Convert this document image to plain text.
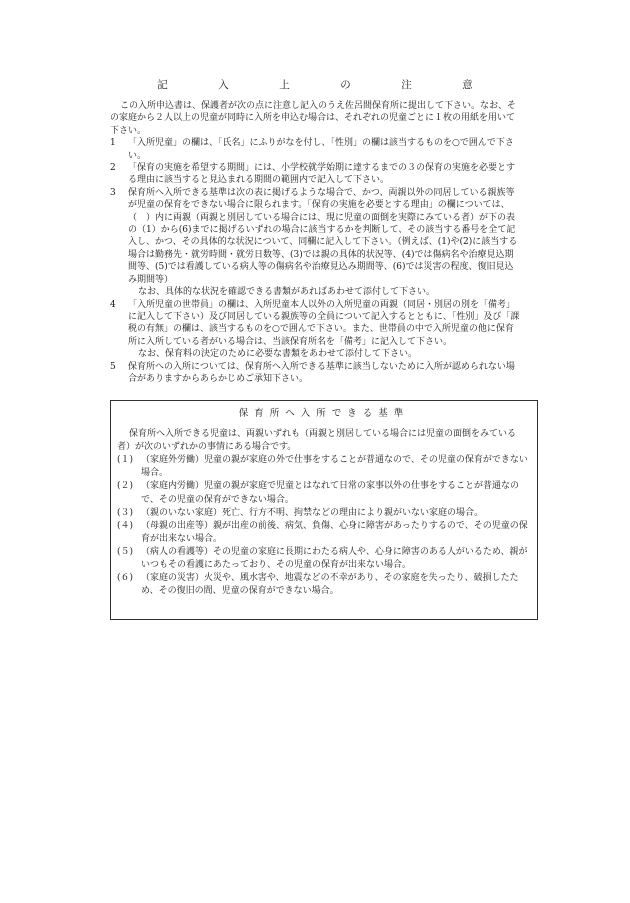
記　入　上　の　注　意

この入所申込書は、保護者が次の点に注意し記入のうえ佐呂間保育所に提出して下さい。なお、その家庭から２人以上の児童が同時に入所を申込む場合は、それぞれの児童ごとに１枚の用紙を用いて下さい。

1	「入所児童」の欄は、「氏名」にふりがなを付し、「性別」の欄は該当するものを○で囲んで下さい。
2	「保育の実施を希望する期間」には、小学校就学始期に達するまでの３の保育の実施を必要とする理由に該当すると見込まれる期間の範囲内で記入して下さい。
3	保育所へ入所できる基準は次の表に掲げるような場合で、かつ、両親以外の同居している親族等が児童の保育をできない場合に限られます。「保育の実施を必要とする理由」の欄については、（　）内に両親（両親と別居している場合には、現に児童の面倒を実際にみている者）が下の表の（1）から(6)までに掲げるいずれの場合に該当するかを判断して、その該当する番号を全て記入し、かつ、その具体的な状況について、同欄に記入して下さい。（例えば、(1)や(2)に該当する場合は勤務先・就労時間・就労日数等、(3)では親の具体的状況等、(4)では傷病名や治療見込期間等、(5)では看護している病人等の傷病名や治療見込み期間等、(6)では災害の程度、復旧見込み期間等）

なお、具体的な状況を確認できる書類があればあわせて添付して下さい。

4	「入所児童の世帯員」の欄は、入所児童本人以外の入所児童の両親（同居・別居の別を「備考」に記入して下さい）及び同居している親族等の全員について記入するとともに、「性別」及び「課税の有無」の欄は、該当するものを○で囲んで下さい。また、世帯員の中で入所児童の他に保育所に入所している者がいる場合は、当該保育所名を「備考」に記入して下さい。

なお、保育料の決定のために必要な書類をあわせて添付して下さい。

5	保育所への入所については、保育所へ入所できる基準に該当しないために入所が認められない場合がありますからあらかじめご承知下さい。
保育所へ入所できる基準

保育所へ入所できる児童は、両親いずれも（両親と別居している場合には児童の面倒をみている者）が次のいずれかの事情にある場合です。

(１) （家庭外労働）児童の親が家庭の外で仕事をすることが普通なので、その児童の保育ができない場合。
(２) （家庭内労働）児童の親が家庭で児童とはなれて日常の家事以外の仕事をすることが普通なので、その児童の保育ができない場合。
(３) （親のいない家庭）死亡、行方不明、拘禁などの理由により親がいない家庭の場合。
(４) （母親の出産等）親が出産の前後、病気、負傷、心身に障害があったりするので、その児童の保育が出来ない場合。
(５) （病人の看護等）その児童の家庭に長期にわたる病人や、心身に障害のある人がいるため、親がいつもその看護にあたっており、その児童の保育が出来ない場合。
(６) （家庭の災害）火災や、風水害や、地震などの不幸があり、その家庭を失ったり、破損したため、その復旧の間、児童の保育ができない場合。
